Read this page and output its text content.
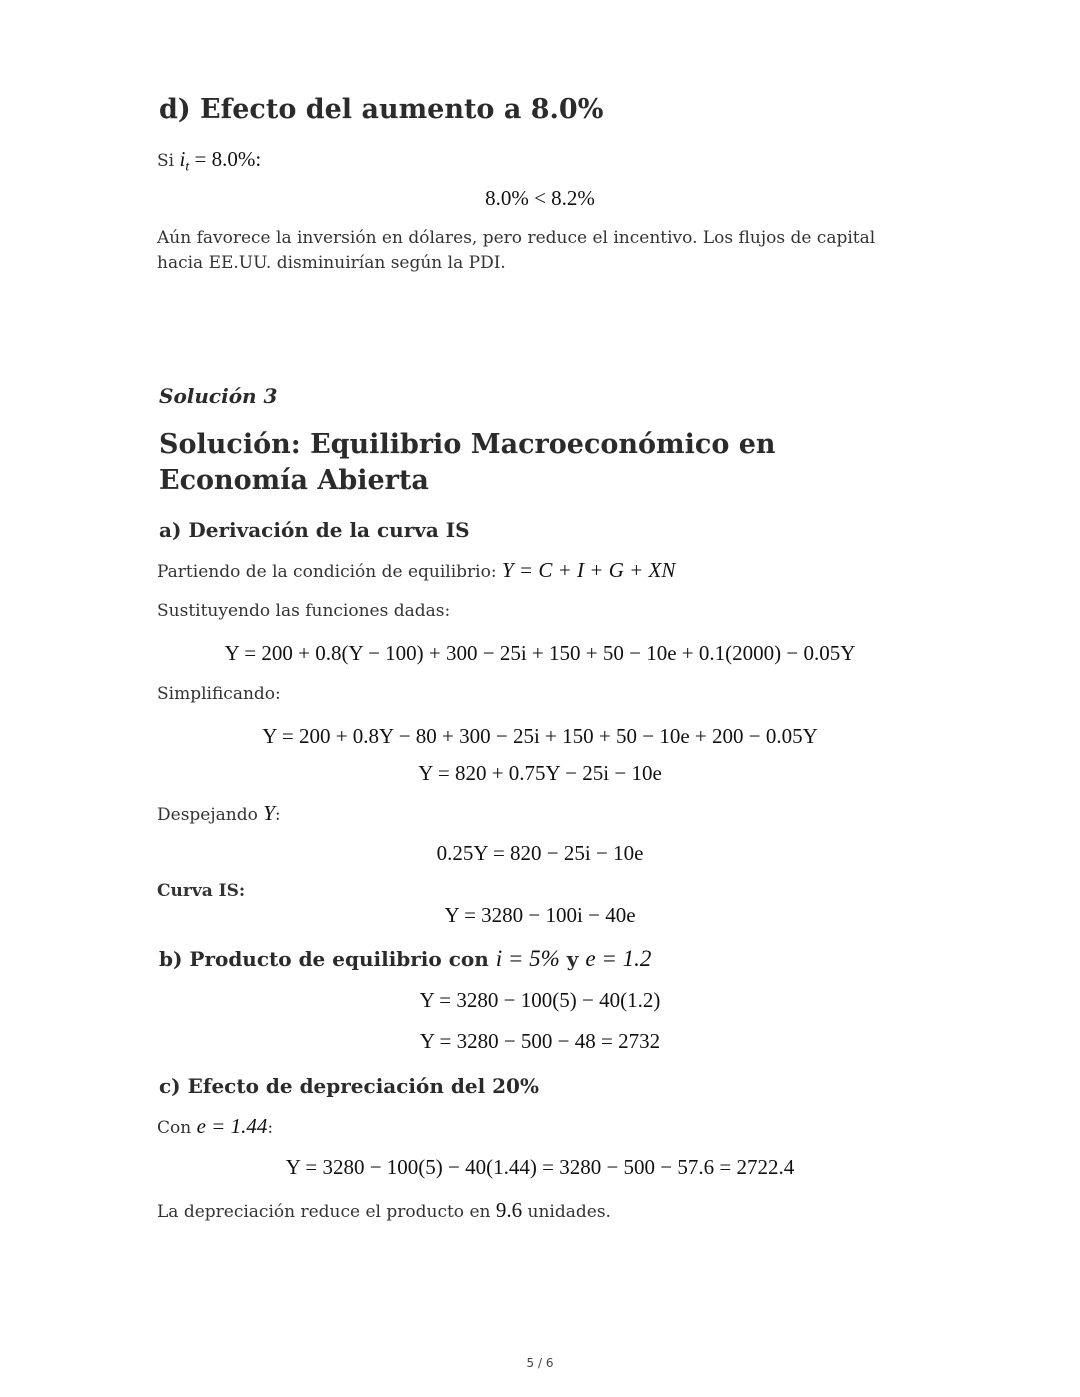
d) Efecto del aumento a 8.0%
Si $i_t = 8.0\%$:
8.0% < 8.2%
Aún favorece la inversión en dólares, pero reduce el incentivo. Los flujos de capital hacia EE.UU. disminuirían según la PDI.
Solución 3
Solución: Equilibrio Macroeconómico en Economía Abierta
a) Derivación de la curva IS
Partiendo de la condición de equilibrio: Y = C + I + G + XN
Sustituyendo las funciones dadas:
Y = 200 + 0.8(Y − 100) + 300 − 25i + 150 + 50 − 10e + 0.1(2000) − 0.05Y
Simplificando:
Y = 200 + 0.8Y − 80 + 300 − 25i + 150 + 50 − 10e + 200 − 0.05Y
Y = 820 + 0.75Y − 25i − 10e
Despejando Y:
0.25Y = 820 − 25i − 10e
Curva IS:
Y = 3280 − 100i − 40e
b) Producto de equilibrio con i = 5% y e = 1.2
Y = 3280 − 100(5) − 40(1.2)
Y = 3280 − 500 − 48 = 2732
c) Efecto de depreciación del 20%
Con e = 1.44:
Y = 3280 − 100(5) − 40(1.44) = 3280 − 500 − 57.6 = 2722.4
La depreciación reduce el producto en 9.6 unidades.
5 / 6
